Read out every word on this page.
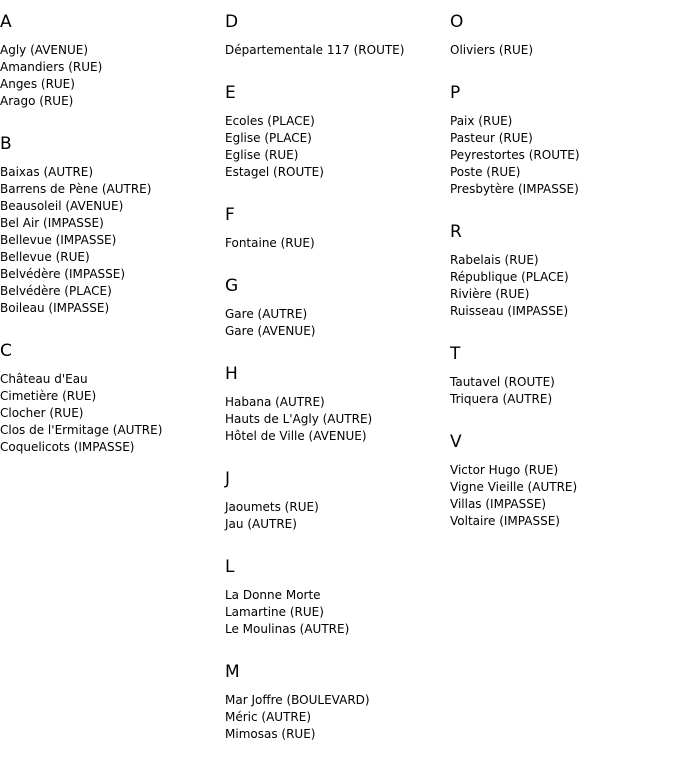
A
Agly (AVENUE)
Amandiers (RUE)
Anges (RUE)
Arago (RUE)
B
Baixas (AUTRE)
Barrens de Pène (AUTRE)
Beausoleil (AVENUE)
Bel Air (IMPASSE)
Bellevue (IMPASSE)
Bellevue (RUE)
Belvédère (IMPASSE)
Belvédère (PLACE)
Boileau (IMPASSE)
C
Château d'Eau
Cimetière (RUE)
Clocher (RUE)
Clos de l'Ermitage (AUTRE)
Coquelicots (IMPASSE)
D
Départementale 117 (ROUTE)
E
Ecoles (PLACE)
Eglise (PLACE)
Eglise (RUE)
Estagel (ROUTE)
F
Fontaine (RUE)
G
Gare (AUTRE)
Gare (AVENUE)
H
Habana (AUTRE)
Hauts de L'Agly (AUTRE)
Hôtel de Ville (AVENUE)
J
Jaoumets (RUE)
Jau (AUTRE)
L
La Donne Morte
Lamartine (RUE)
Le Moulinas (AUTRE)
M
Mar Joffre (BOULEVARD)
Méric (AUTRE)
Mimosas (RUE)
O
Oliviers (RUE)
P
Paix (RUE)
Pasteur (RUE)
Peyrestortes (ROUTE)
Poste (RUE)
Presbytère (IMPASSE)
R
Rabelais (RUE)
République (PLACE)
Rivière (RUE)
Ruisseau (IMPASSE)
T
Tautavel (ROUTE)
Triquera (AUTRE)
V
Victor Hugo (RUE)
Vigne Vieille (AUTRE)
Villas (IMPASSE)
Voltaire (IMPASSE)
